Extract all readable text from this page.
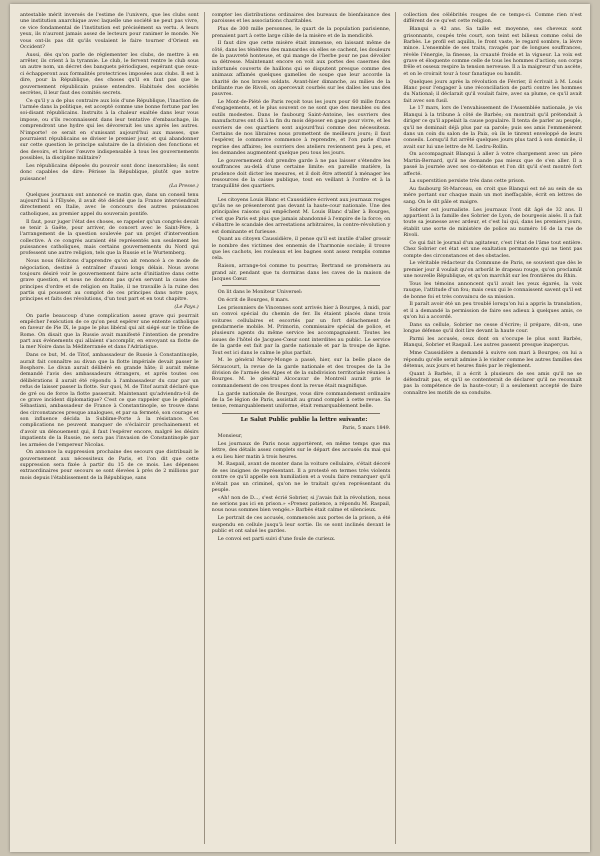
antestable mérit inversés de l'estime de l'univers, que les clubs sont une institution anarchique avec laquelle une société ne peut pas vivre, ce vice fondamental de l'institution est précisément sa vertu. A leurs yeux, ils n'auront jamais assez de lecteurs pour ranimer le monde. Ne vous ont-ils pas dit qu'ils voulaient le faire tourner d'Orient en Occident?

Aussi, dès qu'on parle de réglementer les clubs, de mettre à en arrêter, ils crient à la tyrannie. Le club, le fervent rentre le club sous un autre nom, un décret des banquets périodiques, espérant que ceux-ci échapperont aux formalités protectrices imposées aux clubs. Il est à dire, pour la République, des choses qu'il en faut pas que le gouvernement républicain puisse entendre. Habitués des sociétés secrètes, il leur faut des comités secrets.

Ce qu'il y a de plus contraire aux lois d'une République, l'inaction de l'armée dans la politique, est accepté comme une bonne fortune par les soi-disant républicains. Instruits à la chaleur exaltée dans leur vous impose, ou s'ils reconnaissent dans leur tentative d'embauchage, ils comprendront une hydre qui les dévorerait les uns après les autres. N'importe! ce serait en s'unissant aujourd'hui aux masses, que pourraient républicains se diviser le premier jour, et qui abandonner sur cette question le principe salutaire de la division des fonctions et des devoirs, et briser l'œuvre indispensable à tous les gouvernements possibles, la discipline militaire?

Les républicains déposés du pouvoir sont donc inexorables; ils sont donc capables de dire: Périsse la République, plutôt que notre puissance!

(La Presse.)

Quelques journaux ont annoncé ce matin que, dans un conseil tenu aujourd'hui à l'Élysée, il avait été décidé que la France interviendrait directement en Italie, avec le concours des autres puissances catholiques, au premier appel du souverain pontife.

Il faut, pour juger l'état des choses, se rappeler qu'un congrès devait se tenir à Gaëte, pour arriver, de concert avec le Saint-Père, à l'arrangement de la question soulevée par un projet d'intervention collective. A ce congrès auraient été représentés non seulement les puissances catholiques, mais certains gouvernements du Nord qui professent une autre religion, tels que la Russie et le Wurtemberg.

Nous nous félicitons d'apprendre qu'on ait renoncé à ce mode de négociation, destiné à entraîner d'aussi longs délais. Nous avons toujours désiré voir le gouvernement faire acte d'initiative dans cette grave question, et nous ne doutons pas qu'en servant la cause des principes d'ordre et de religion en Italie, il ne travaille à la ruine des partis qui poussent au complot de ces principes dans notre pays, principes et faits des révolutions, d'un tout part et en tout chapitre.

(Le Pays.)

On parle beaucoup d'une complication assez grave qui pourrait empêcher l'exécution de ce qu'on peut espérer une entente catholique en faveur de Pie IX, le pape le plus libéral qui ait siégé sur le trône de Rome. On disait que la Russie avait manifesté l'intention de prendre part aux événements qui allaient s'accomplir, en envoyant sa flotte de la mer Noire dans la Méditerranée et dans l'Adriatique.

Dans ce but, M. de Titof, ambassadeur de Russie à Constantinople, aurait fait connaître au divan que la flotte impériale devait passer le Bosphore. Le divan aurait délibéré en grande hâte; il aurait même demandé l'avis des ambassadeurs étrangers, et après toutes ces délibérations il aurait été répondu à l'ambassadeur du czar par un refus de laisser passer la flotte. Sur quoi, M. de Titof aurait déclaré que de gré ou de force la flotte passerait. Maintenant qu'adviendra-t-il de ce grave incident diplomatique? C'est ce que rappeler que le général Sébastiani, ambassadeur de France à Constantinople, se trouve dans des circonstances presque analogues, et par sa fermeté, son courage et son influence décida la Sublime-Porte à la résistance. Ces complications ne peuvent manquer de s'éclaircir prochainement et d'avoir un dénouement qui, il faut l'espérer encore, malgré les désirs impatients de la Russie, ne sera pas l'invasion de Constantinople par les armées de l'empereur Nicolas.

On annonce la suppression prochaine des secours que distribuait le gouvernement aux nécessiteux de Paris, et l'on dit que cette suppression sera fixée à partir du 15 de ce mois. Les dépenses extraordinaires pour secours se sont élevées à près de 2 millions par mois depuis l'établissement de la République, sans

compter les distributions ordinaires des bureaux de bienfaisance des paroisses et les associations charitables.

Plus de 300 mille personnes, le quart de la population parisienne, prenaient part à cette large cible de la misère et de la mendicité.

Il faut dire que cette misère était immense, en laissant même de côté, dans les ténèbres des mansardes où elles se cachent, les douleurs de la pauvreté honteuse, et qui mange de l'herbe pour ne pas dévoiler sa détresse. Maintenant encore on voit aux portes des casernes des infortunés couverts de haillons qui se disputent presque comme des animaux affamés quelques gamelles de soupe que leur accorde la charité de nos braves soldats. Avant-hier dimanche, au milieu de la brillante rue de Rivoli, on apercevait courbés sur les dalles les uns des pauvres.

Le Mont-de-Piété de Paris reçoit tous les jours pour 60 mille francs d'engagements, et le plus souvent ce ne sont que des meubles ou des outils modestes. Dans le faubourg Saint-Antoine, les ouvriers des manufactures ont dû à la fin du mois déposer en gage pour vivre, et les ouvriers de ces quartiers sont aujourd'hui comme des nécessiteux. Certains de nos libraires nous promettent de meilleurs jours; il faut l'espérer, le commerce commence à reprendre, et l'on parle d'une reprise des affaires; les ouvriers des ateliers reviennent peu à peu, et les demandes augmentent quelque peu tous les jours.

Le gouvernement doit prendre garde à ne pas laisser s'étendre les souffrances au-delà d'une certaine limite: en pareille matière, la prudence doit dicter les mesures, et il doit être attentif à ménager les ressources de la caisse publique, tout en veillant à l'ordre et à la tranquillité des quartiers.

Les citoyens Louis Blanc et Caussidière écrivent aux journaux rouges qu'ils ne se présenteront pas devant la haute-cour nationale. Une des principales raisons qui empêchent M. Louis Blanc d'aller à Bourges, c'est que Paris est plus que jamais abandonné à l'empire de la force; on s'ébattre le scandale des arrestations arbitraires, la contre-révolution y est dominante et furieuse.

Quant au citoyen Caussidière, il pense qu'il est inutile d'aller grossir le nombre des victimes des ennemis de l'harmonie sociale; il trouve que les cachots, les rouleaux et les bagnes sont assez remplis comme cela.

Raison, arrange-toi comme tu pourras; Bertrand se promènera au grand air, pendant que tu dormiras dans les caves de la maison de Jacques Cœur.

On lit dans le Moniteur Universel:

On écrit de Bourges, 8 mars.

Les prisonniers de Vincennes sont arrivés hier à Bourges, à midi, par un convoi spécial du chemin de fer. Ils étaient placés dans trois voitures cellulaires et escortés par un fort détachement de gendarmerie mobile. M. Primorin, commissaire spécial de police, et plusieurs agents du même service les accompagnaient. Toutes les issues de l'hôtel de Jacques-Cœur sont interdites au public. Le service de la garde est fait par la garde nationale et par la troupe de ligne. Tout est ici dans le calme le plus parfait.

M. le général Marey-Monge a passé, hier, sur la belle place de Séraucourt, la revue de la garde nationale et des troupes de la 3e division de l'armée des Alpes et de la subdivision territoriale réunies à Bourges. M. le général Alcocavar de Montreil aurait pris le commandement de ces troupes dont la revue était magnifique.

La garde nationale de Bourges, vous dire commandement ordinaire de la 5e légion de Paris, assistait au grand complet à cette revue. Sa tenue, remarquablement uniforme, était remarquablement belle.

Le Salut Public publie la lettre suivante:

Paris, 5 mars 1849.

Monsieur,

Les journaux de Paris nous apportèrent, en même temps que ma lettre, des détails assez complets sur le départ des accusés du mai qui a eu lieu hier matin à trois heures.

M. Raspail, avant de monter dans la voiture cellulaire, s'était décoré de ses insignes de représentant. Il a protesté en termes très violents contre ce qu'il appelle son humiliation et a voulu faire remarquer qu'il n'était pas un criminel, qu'on ne le traitait qu'en représentant du peuple.

«Ah! non de D..., s'est écrié Sobrier, si j'avais fait la révolution, nous ne serions pas ici en prison.» «Prenez patience, a répondu M. Raspail, nous nous sommes bien vengés.» Barbès était calme et silencieux.

Le portrait de ces accusés, commencés aux portes de la prison, a été suspendu en cellule jusqu'à leur sortie. Ils se sont inclinés devant le public et ont salué les gardes.

Le convoi est parti suivi d'une foule de curieux.

collection des célébrités rouges de ce temps-ci. Comme rien n'est différent de ce qu'est cette religion.

Blanqui a 42 ans. Sa taille est moyenne, ses cheveux sont grisonnants, coupés très court, son teint est bilieux comme celui de Barbès. Le profil est aquilin, le front vaste, le regard sombre, la lèvre mince. L'ensemble de ses traits, ravagés par de longues souffrances, révèle l'énergie, la finesse, la cruauté froide et la vigueur. La voix est grave et éloquente comme celle de tous les hommes d'action; son corps frêle et osseux respire la tension nerveuse. Il a la maigreur d'un ascète, et on le croirait tour à tour fanatique ou bandit.

Quelques jours après la révolution de Février, il écrivait à M. Louis Blanc pour l'engager à une réconciliation de parti contre les hommes du National; il déclarait qu'il voulait faire, avec sa plume, ce qu'il avait fait avec son fusil.

Le 17 mars, lors de l'envahissement de l'Assemblée nationale, je vis Blanqui à la tribune à côté de Barbès; on montrait qu'il prétendait à diriger ce qu'il appelait la cause populaire. Il tenta de parler au peuple, qu'il ne dominait déjà plus par sa parole; puis ses amis l'emmenèrent dans un coin du salon de la Paix, où ils le tinrent enveloppé de leurs conseils. Lorsqu'il fut arrêté quelques jours plus tard à son domicile, il avait sur lui une lettre de M. Ledru-Rollin.

On accompagnait Blanqui à aller à votre chargement avec un père Martin-Bernard, qu'il ne demande pas mieux que de s'en aller. Il a passé la journée avec ses co-détenus et l'on dit qu'il s'est montré fort affecté.

La superstition persiste très dans cette prison.

Au faubourg St-Marceau, on croit que Blanqui est né au sein de sa mère portant sur chaque main un mot ineffaçable, écrit en lettres de sang. On le dit pâle et maigre.

Sobrier est journaliste. Les journaux l'ont dit âgé de 32 ans. Il appartient à la famille des Sobrier de Lyon, de bourgeois aisés. Il a fait toute sa jeunesse avec ardeur, et c'est lui qui, dans les premiers jours, établit une sorte de ministère de police au numéro 16 de la rue de Rivoli.

Ce qui fait le journal d'un agitateur, c'est l'état de l'âme tout entière. Chez Sobrier cet état est une exaltation permanente qui ne tient pas compte des circonstances et des obstacles.

Le véritable rédacteur du Commune de Paris, se souvient que dès le premier jour il voulait qu'on arborât le drapeau rouge, qu'on proclamât une nouvelle République, et qu'on marchât sur les frontières du Rhin.

Tous les témoins annoncent qu'il avait les yeux égarés, la voix rauque, l'attitude d'un fou; mais ceux qui le connaissent savent qu'il est de bonne foi et très convaincu de sa mission.

Il paraît avoir été un peu troublé lorsqu'on lui a appris la translation, et il a demandé la permission de faire ses adieux à quelques amis, ce qu'on lui a accordé.

Dans sa cellule, Sobrier ne cesse d'écrire; il prépare, dit-on, une longue défense qu'il doit lire devant la haute cour.

Parmi les accusés, ceux dont on s'occupe le plus sont Barbès, Blanqui, Sobrier et Raspail. Les autres passent presque inaperçus.

Mme Caussidière a demandé à suivre son mari à Bourges; on lui a répondu qu'elle serait admise à le visiter comme les autres familles des détenus, aux jours et heures fixés par le règlement.

Quant à Barbès, il a écrit à plusieurs de ses amis qu'il ne se défendrait pas, et qu'il se contenterait de déclarer qu'il ne reconnaît pas la compétence de la haute-cour; il a seulement accepté de faire connaître les motifs de sa conduite.
